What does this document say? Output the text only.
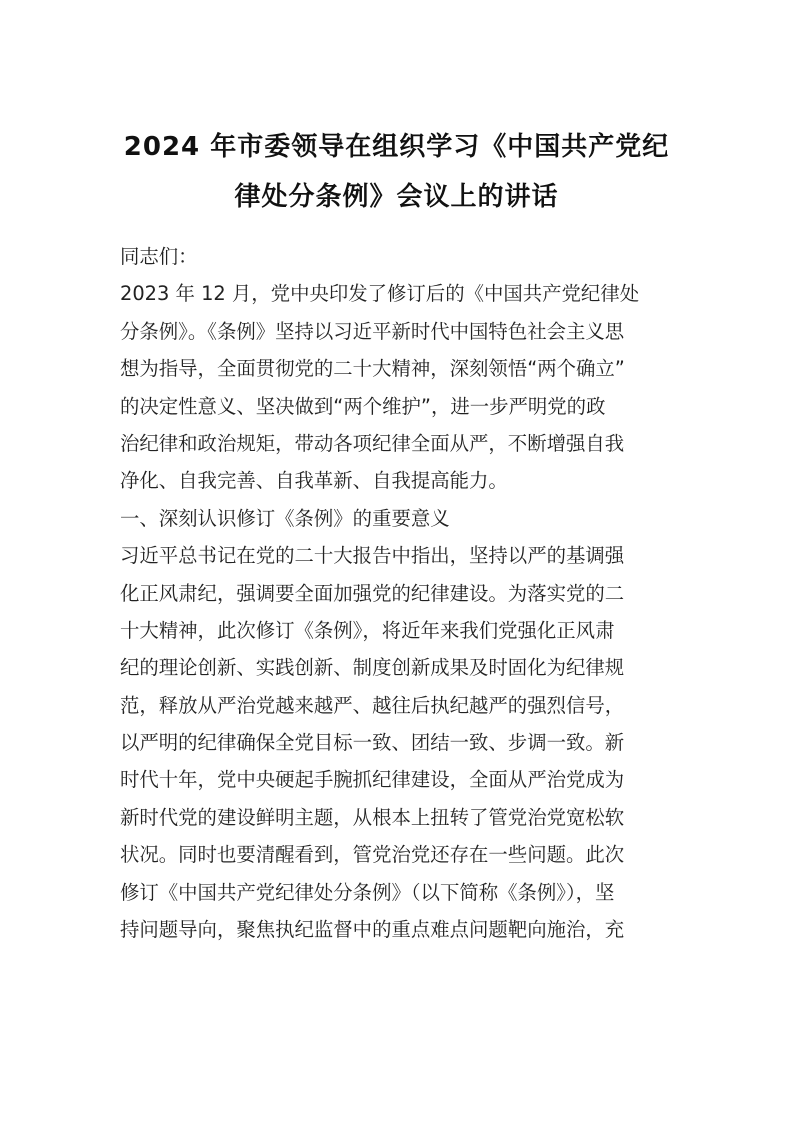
2024 年市委领导在组织学习《中国共产党纪
律处分条例》会议上的讲话
同志们：
2023 年 12 月，党中央印发了修订后的《中国共产党纪律处
分条例》。《条例》坚持以习近平新时代中国特色社会主义思
想为指导，全面贯彻党的二十大精神，深刻领悟“两个确立”
的决定性意义、坚决做到“两个维护”，进一步严明党的政
治纪律和政治规矩，带动各项纪律全面从严，不断增强自我
净化、自我完善、自我革新、自我提高能力。
一、深刻认识修订《条例》的重要意义
习近平总书记在党的二十大报告中指出，坚持以严的基调强
化正风肃纪，强调要全面加强党的纪律建设。为落实党的二
十大精神，此次修订《条例》，将近年来我们党强化正风肃
纪的理论创新、实践创新、制度创新成果及时固化为纪律规
范，释放从严治党越来越严、越往后执纪越严的强烈信号，
以严明的纪律确保全党目标一致、团结一致、步调一致。新
时代十年，党中央硬起手腕抓纪律建设，全面从严治党成为
新时代党的建设鲜明主题，从根本上扭转了管党治党宽松软
状况。同时也要清醒看到，管党治党还存在一些问题。此次
修订《中国共产党纪律处分条例》（以下简称《条例》），坚
持问题导向，聚焦执纪监督中的重点难点问题靶向施治，充
